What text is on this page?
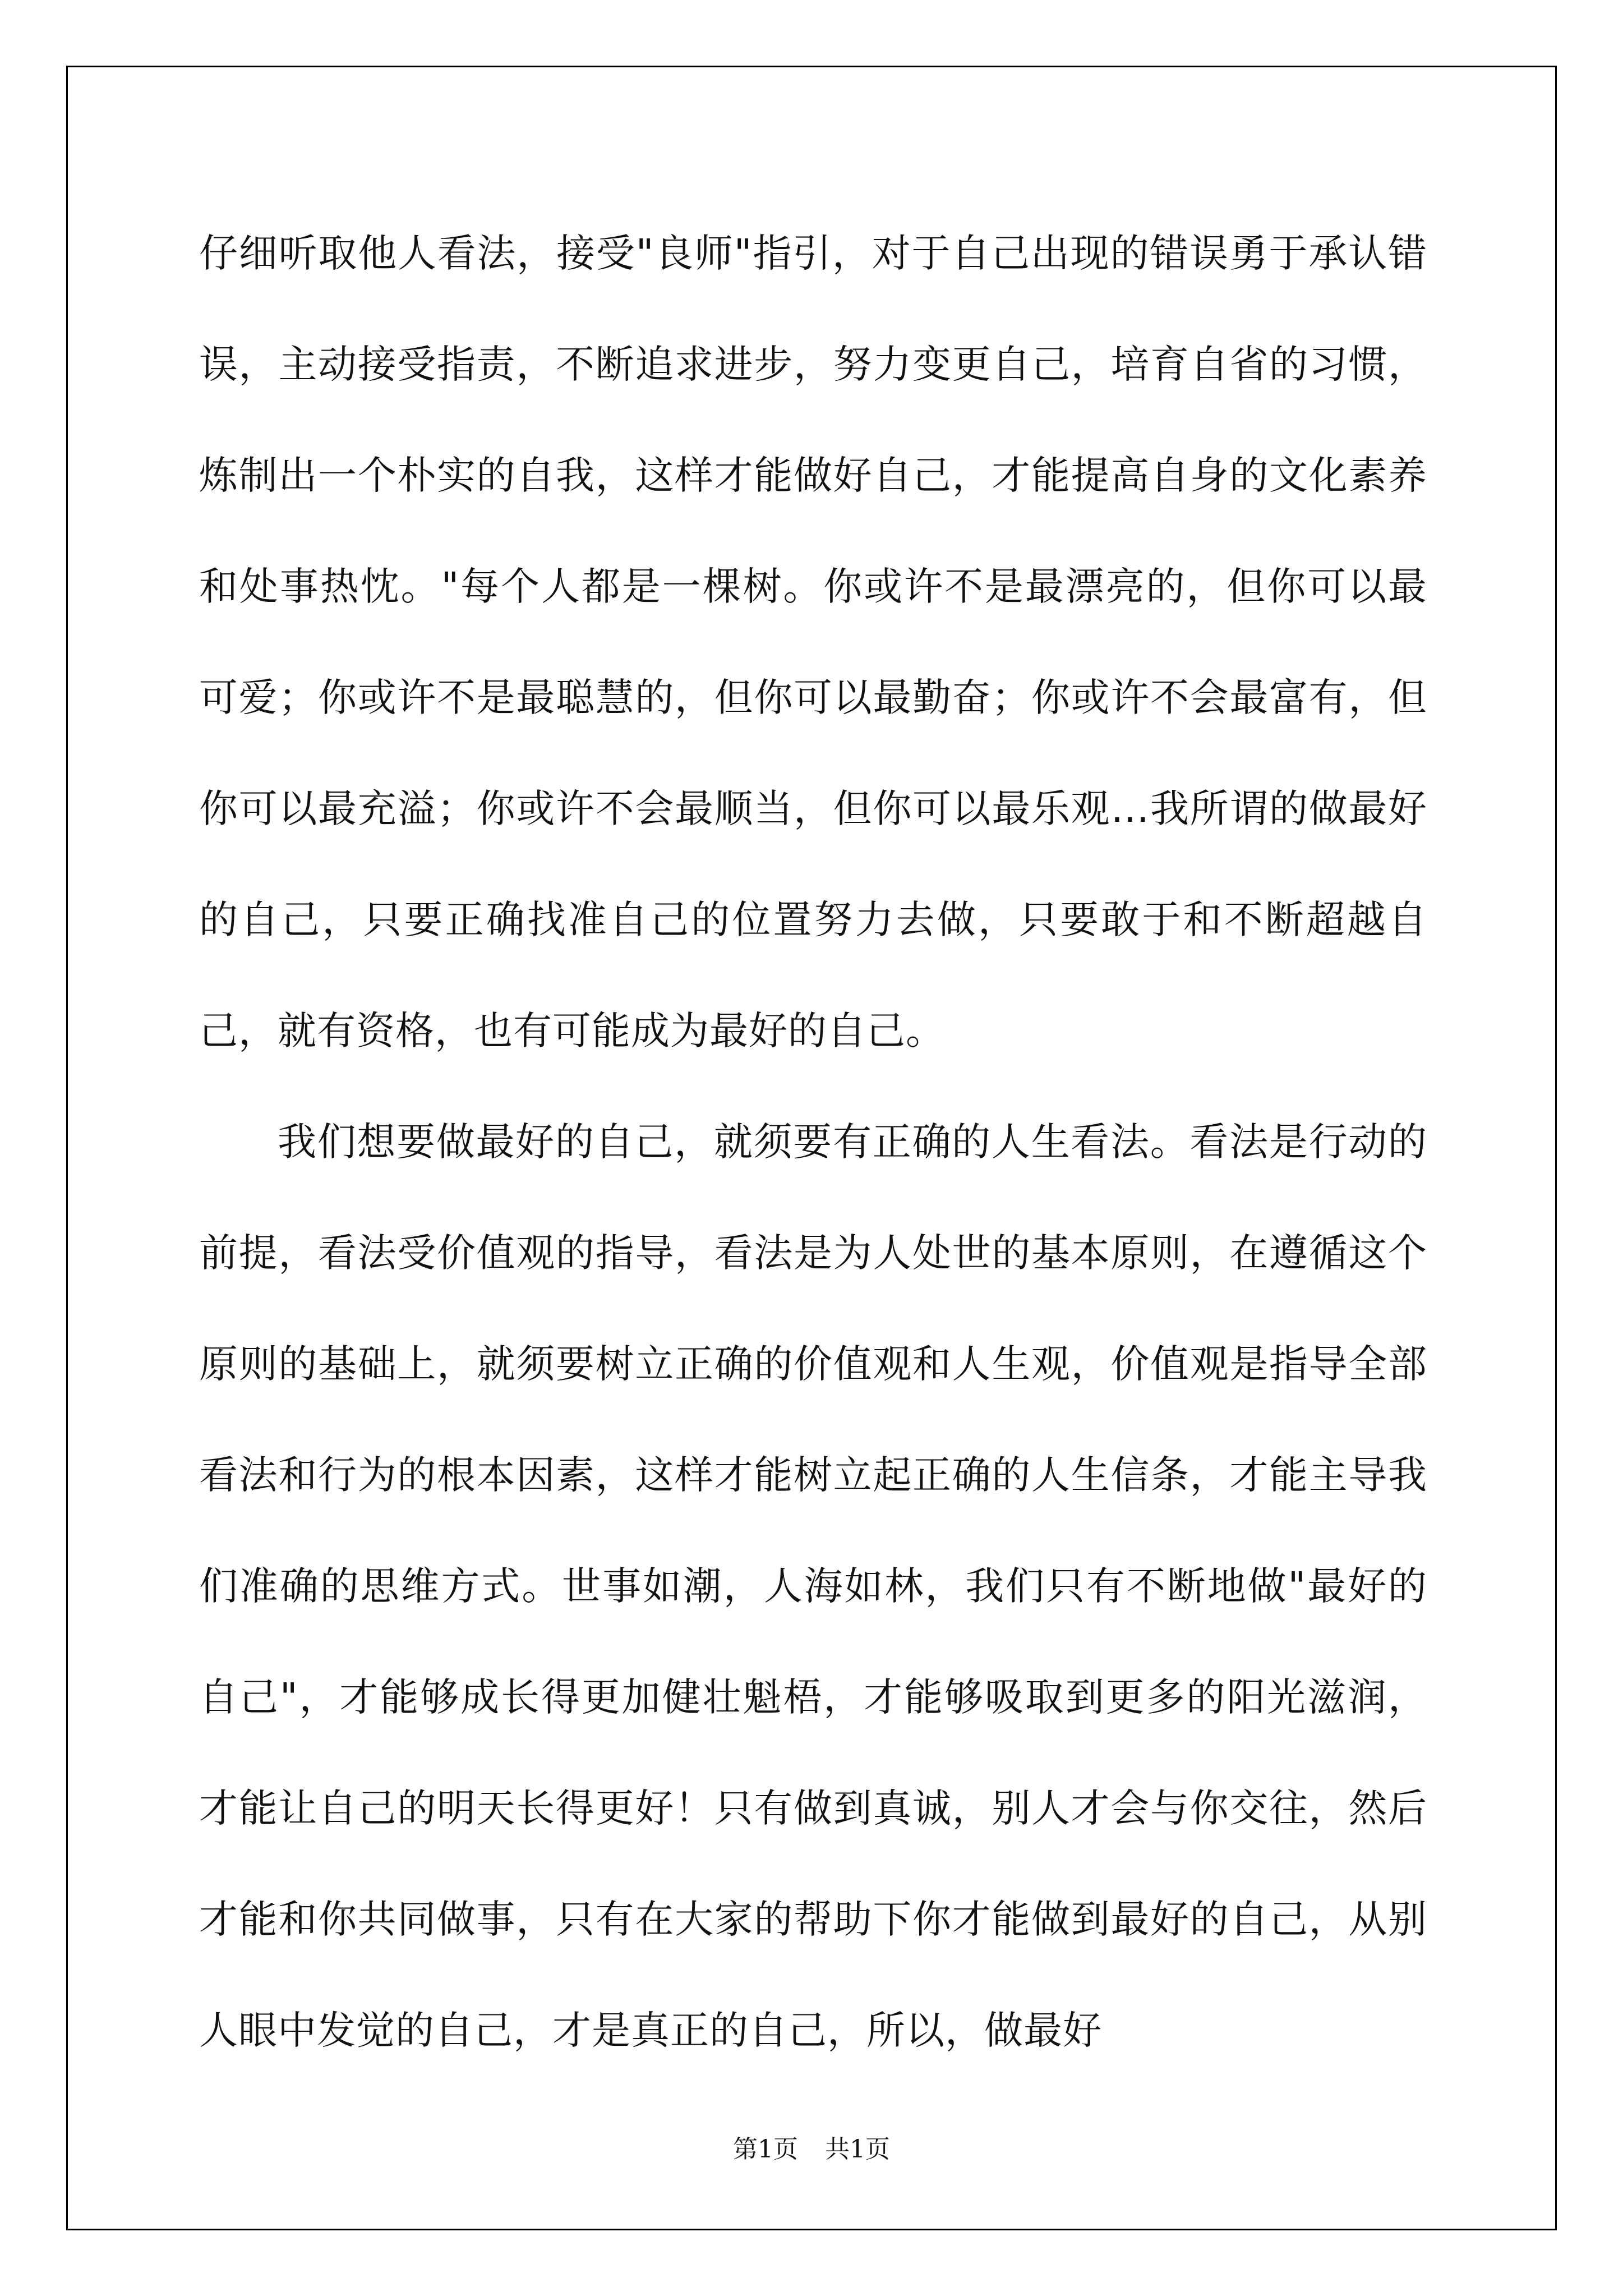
仔细听取他人看法，接受"良师"指引，对于自己出现的错误勇于承认错误，主动接受指责，不断追求进步，努力变更自己，培育自省的习惯，炼制出一个朴实的自我，这样才能做好自己，才能提高自身的文化素养和处事热忱。"每个人都是一棵树。你或许不是最漂亮的，但你可以最可爱；你或许不是最聪慧的，但你可以最勤奋；你或许不会最富有，但你可以最充溢；你或许不会最顺当，但你可以最乐观…我所谓的做最好的自己，只要正确找准自己的位置努力去做，只要敢于和不断超越自己，就有资格，也有可能成为最好的自己。

我们想要做最好的自己，就须要有正确的人生看法。看法是行动的前提，看法受价值观的指导，看法是为人处世的基本原则，在遵循这个原则的基础上，就须要树立正确的价值观和人生观，价值观是指导全部看法和行为的根本因素，这样才能树立起正确的人生信条，才能主导我们准确的思维方式。世事如潮，人海如林，我们只有不断地做"最好的自己"，才能够成长得更加健壮魁梧，才能够吸取到更多的阳光滋润，才能让自己的明天长得更好！只有做到真诚，别人才会与你交往，然后才能和你共同做事，只有在大家的帮助下你才能做到最好的自己，从别人眼中发觉的自己，才是真正的自己，所以，做最好

第1页 共1页
